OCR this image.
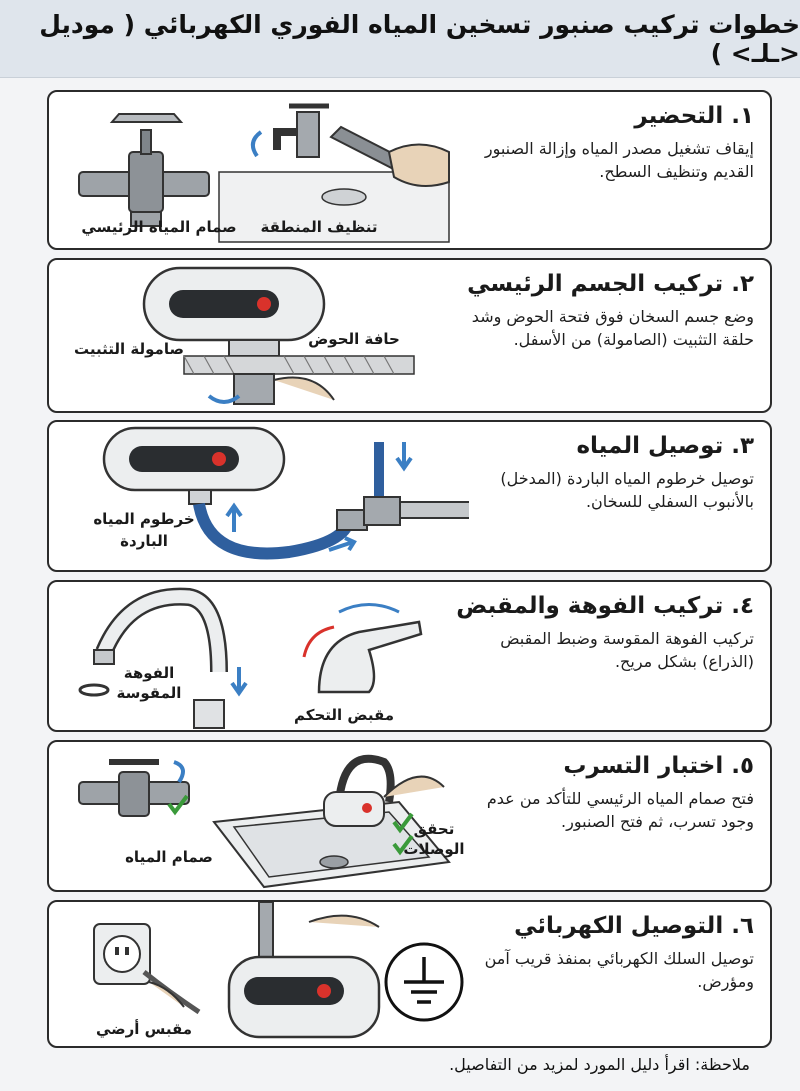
خطوات تركيب صنبور تسخين المياه الفوري الكهربائي ( موديل <ـلـ> )
صمام المياه الرئيسي تنظيف المنطقة
١. التحضير
إيقاف تشغيل مصدر المياه وإزالة الصنبور القديم وتنظيف السطح.
حافة الحوض
صامولة التثبيت
٢. تركيب الجسم الرئيسي
وضع جسم السخان فوق فتحة الحوض وشد حلقة التثبيت (الصامولة) من الأسفل.
خرطوم المياه
الباردة
٣. توصيل المياه
توصيل خرطوم المياه الباردة (المدخل) بالأنبوب السفلي للسخان.
الفوهة
المقوسة
مقبض التحكم
٤. تركيب الفوهة والمقبض
تركيب الفوهة المقوسة وضبط المقبض (الذراع) بشكل مريح.
صمام المياه
تحقق
الوصلات
٥. اختبار التسرب
فتح صمام المياه الرئيسي للتأكد من عدم وجود تسرب، ثم فتح الصنبور.
مقبس أرضي
٦. التوصيل الكهربائي
توصيل السلك الكهربائي بمنفذ قريب آمن ومؤرض.
ملاحظة: اقرأ دليل المورد لمزيد من التفاصيل.
